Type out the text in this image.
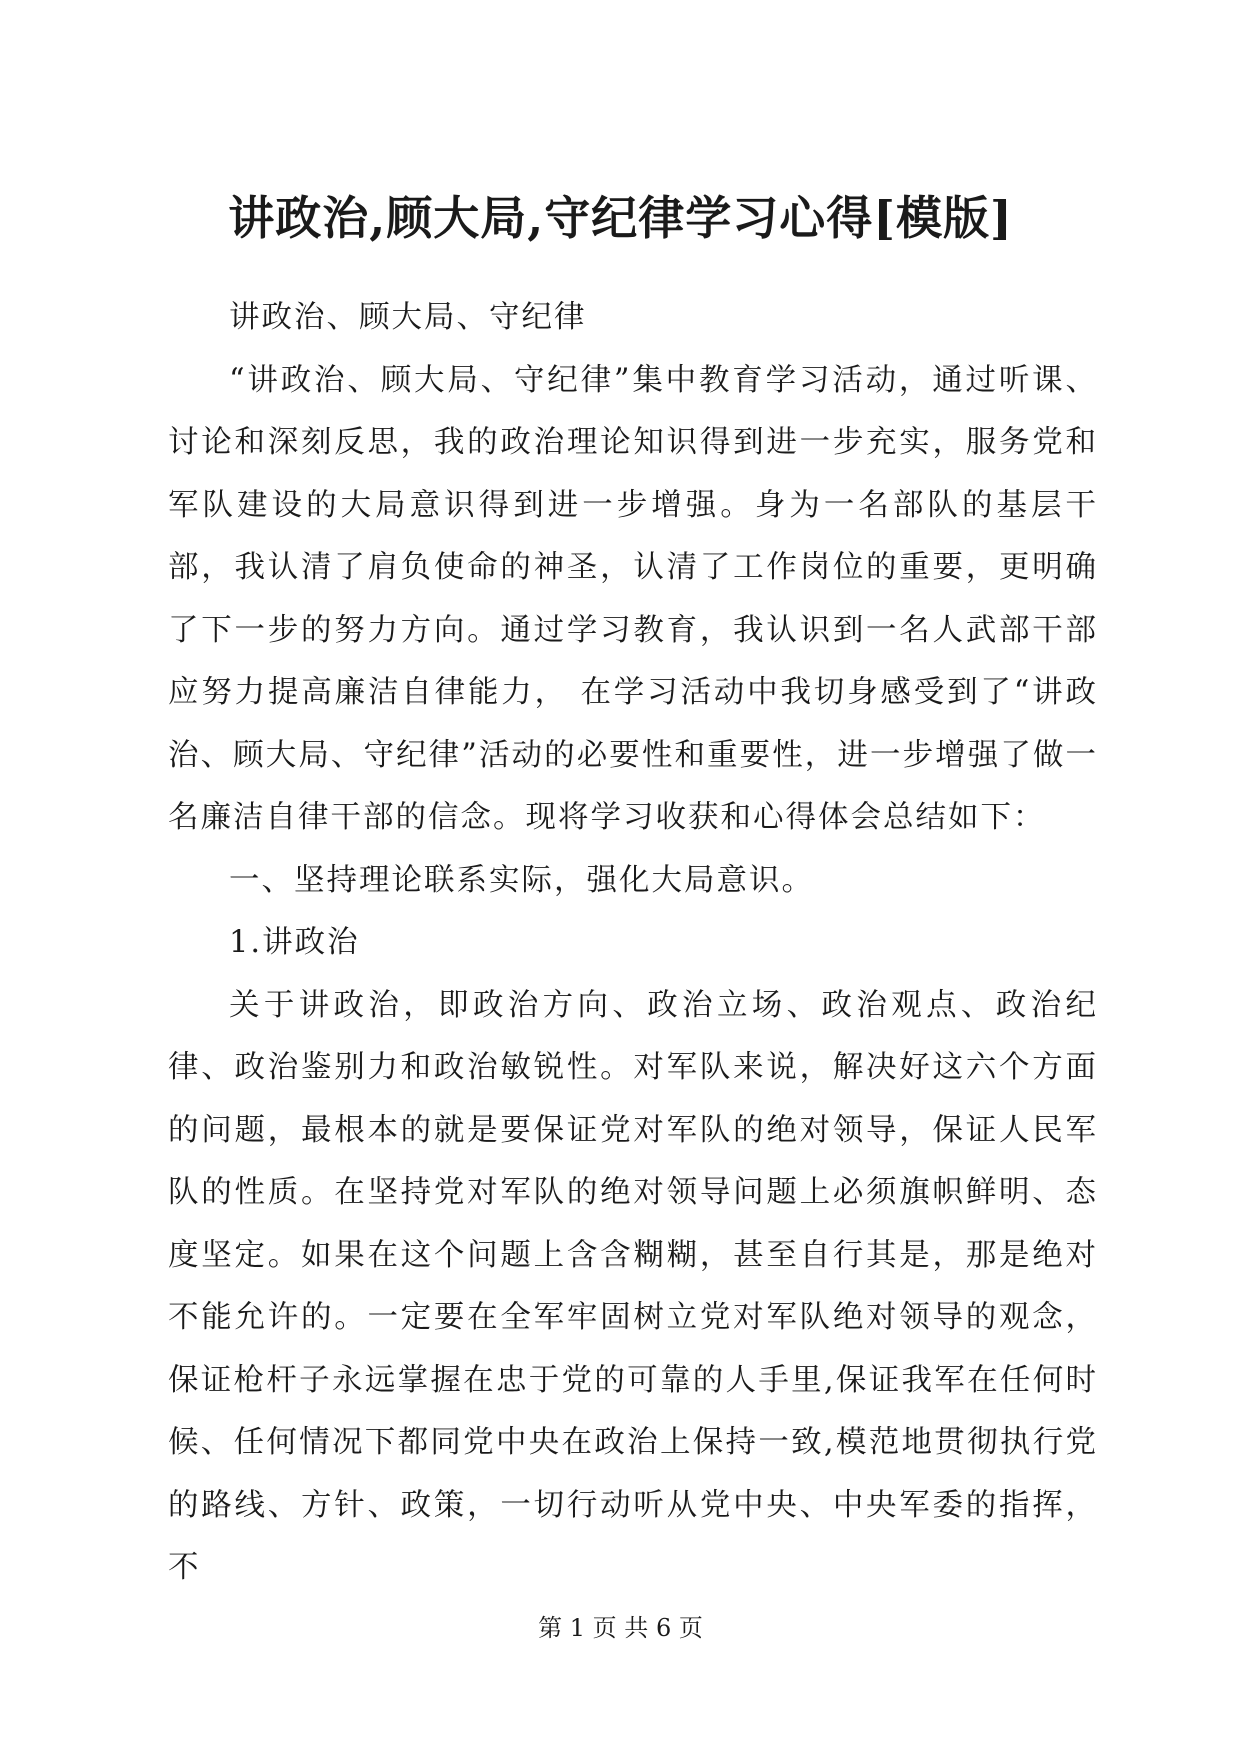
讲政治,顾大局,守纪律学习心得[模版]

讲政治、顾大局、守纪律

“讲政治、顾大局、守纪律”集中教育学习活动，通过听课、讨论和深刻反思，我的政治理论知识得到进一步充实，服务党和军队建设的大局意识得到进一步增强。身为一名部队的基层干部，我认清了肩负使命的神圣，认清了工作岗位的重要，更明确了下一步的努力方向。通过学习教育，我认识到一名人武部干部应努力提高廉洁自律能力， 在学习活动中我切身感受到了“讲政治、顾大局、守纪律”活动的必要性和重要性，进一步增强了做一名廉洁自律干部的信念。现将学习收获和心得体会总结如下：

一、坚持理论联系实际，强化大局意识。

1.讲政治

关于讲政治，即政治方向、政治立场、政治观点、政治纪律、政治鉴别力和政治敏锐性。对军队来说，解决好这六个方面的问题，最根本的就是要保证党对军队的绝对领导，保证人民军队的性质。在坚持党对军队的绝对领导问题上必须旗帜鲜明、态度坚定。如果在这个问题上含含糊糊，甚至自行其是，那是绝对不能允许的。一定要在全军牢固树立党对军队绝对领导的观念，保证枪杆子永远掌握在忠于党的可靠的人手里,保证我军在任何时候、任何情况下都同党中央在政治上保持一致,模范地贯彻执行党的路线、方针、政策，一切行动听从党中央、中央军委的指挥，不

第 1 页 共 6 页
